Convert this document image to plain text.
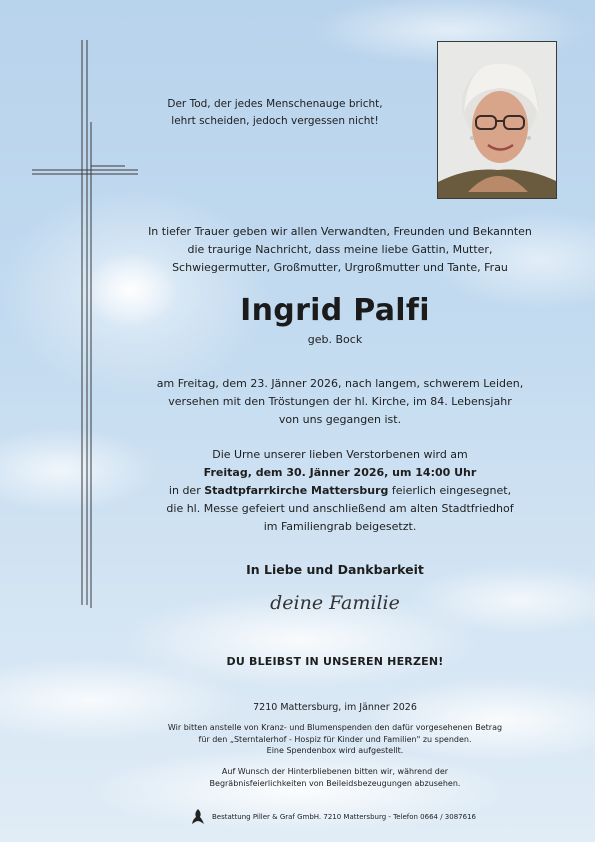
Der Tod, der jedes Menschenauge bricht,
lehrt scheiden, jedoch vergessen nicht!
In tiefer Trauer geben wir allen Verwandten, Freunden und Bekannten
die traurige Nachricht, dass meine liebe Gattin, Mutter,
Schwiegermutter, Großmutter, Urgroßmutter und Tante, Frau
Ingrid Palfi
geb. Bock
am Freitag, dem 23. Jänner 2026, nach langem, schwerem Leiden,
versehen mit den Tröstungen der hl. Kirche, im 84. Lebensjahr
von uns gegangen ist.
Die Urne unserer lieben Verstorbenen wird am
Freitag, dem 30. Jänner 2026, um 14:00 Uhr
in der Stadtpfarrkirche Mattersburg feierlich eingesegnet,
die hl. Messe gefeiert und anschließend am alten Stadtfriedhof
im Familiengrab beigesetzt.
In Liebe und Dankbarkeit
deine Familie
DU BLEIBST IN UNSEREN HERZEN!
7210 Mattersburg, im Jänner 2026
Wir bitten anstelle von Kranz- und Blumenspenden den dafür vorgesehenen Betrag
für den „Sterntalerhof - Hospiz für Kinder und Familien" zu spenden.
Eine Spendenbox wird aufgestellt.
Auf Wunsch der Hinterbliebenen bitten wir, während der
Begräbnisfeierlichkeiten von Beileidsbezeugungen abzusehen.
Bestattung Piller & Graf GmbH. 7210 Mattersburg - Telefon 0664 / 3087616
